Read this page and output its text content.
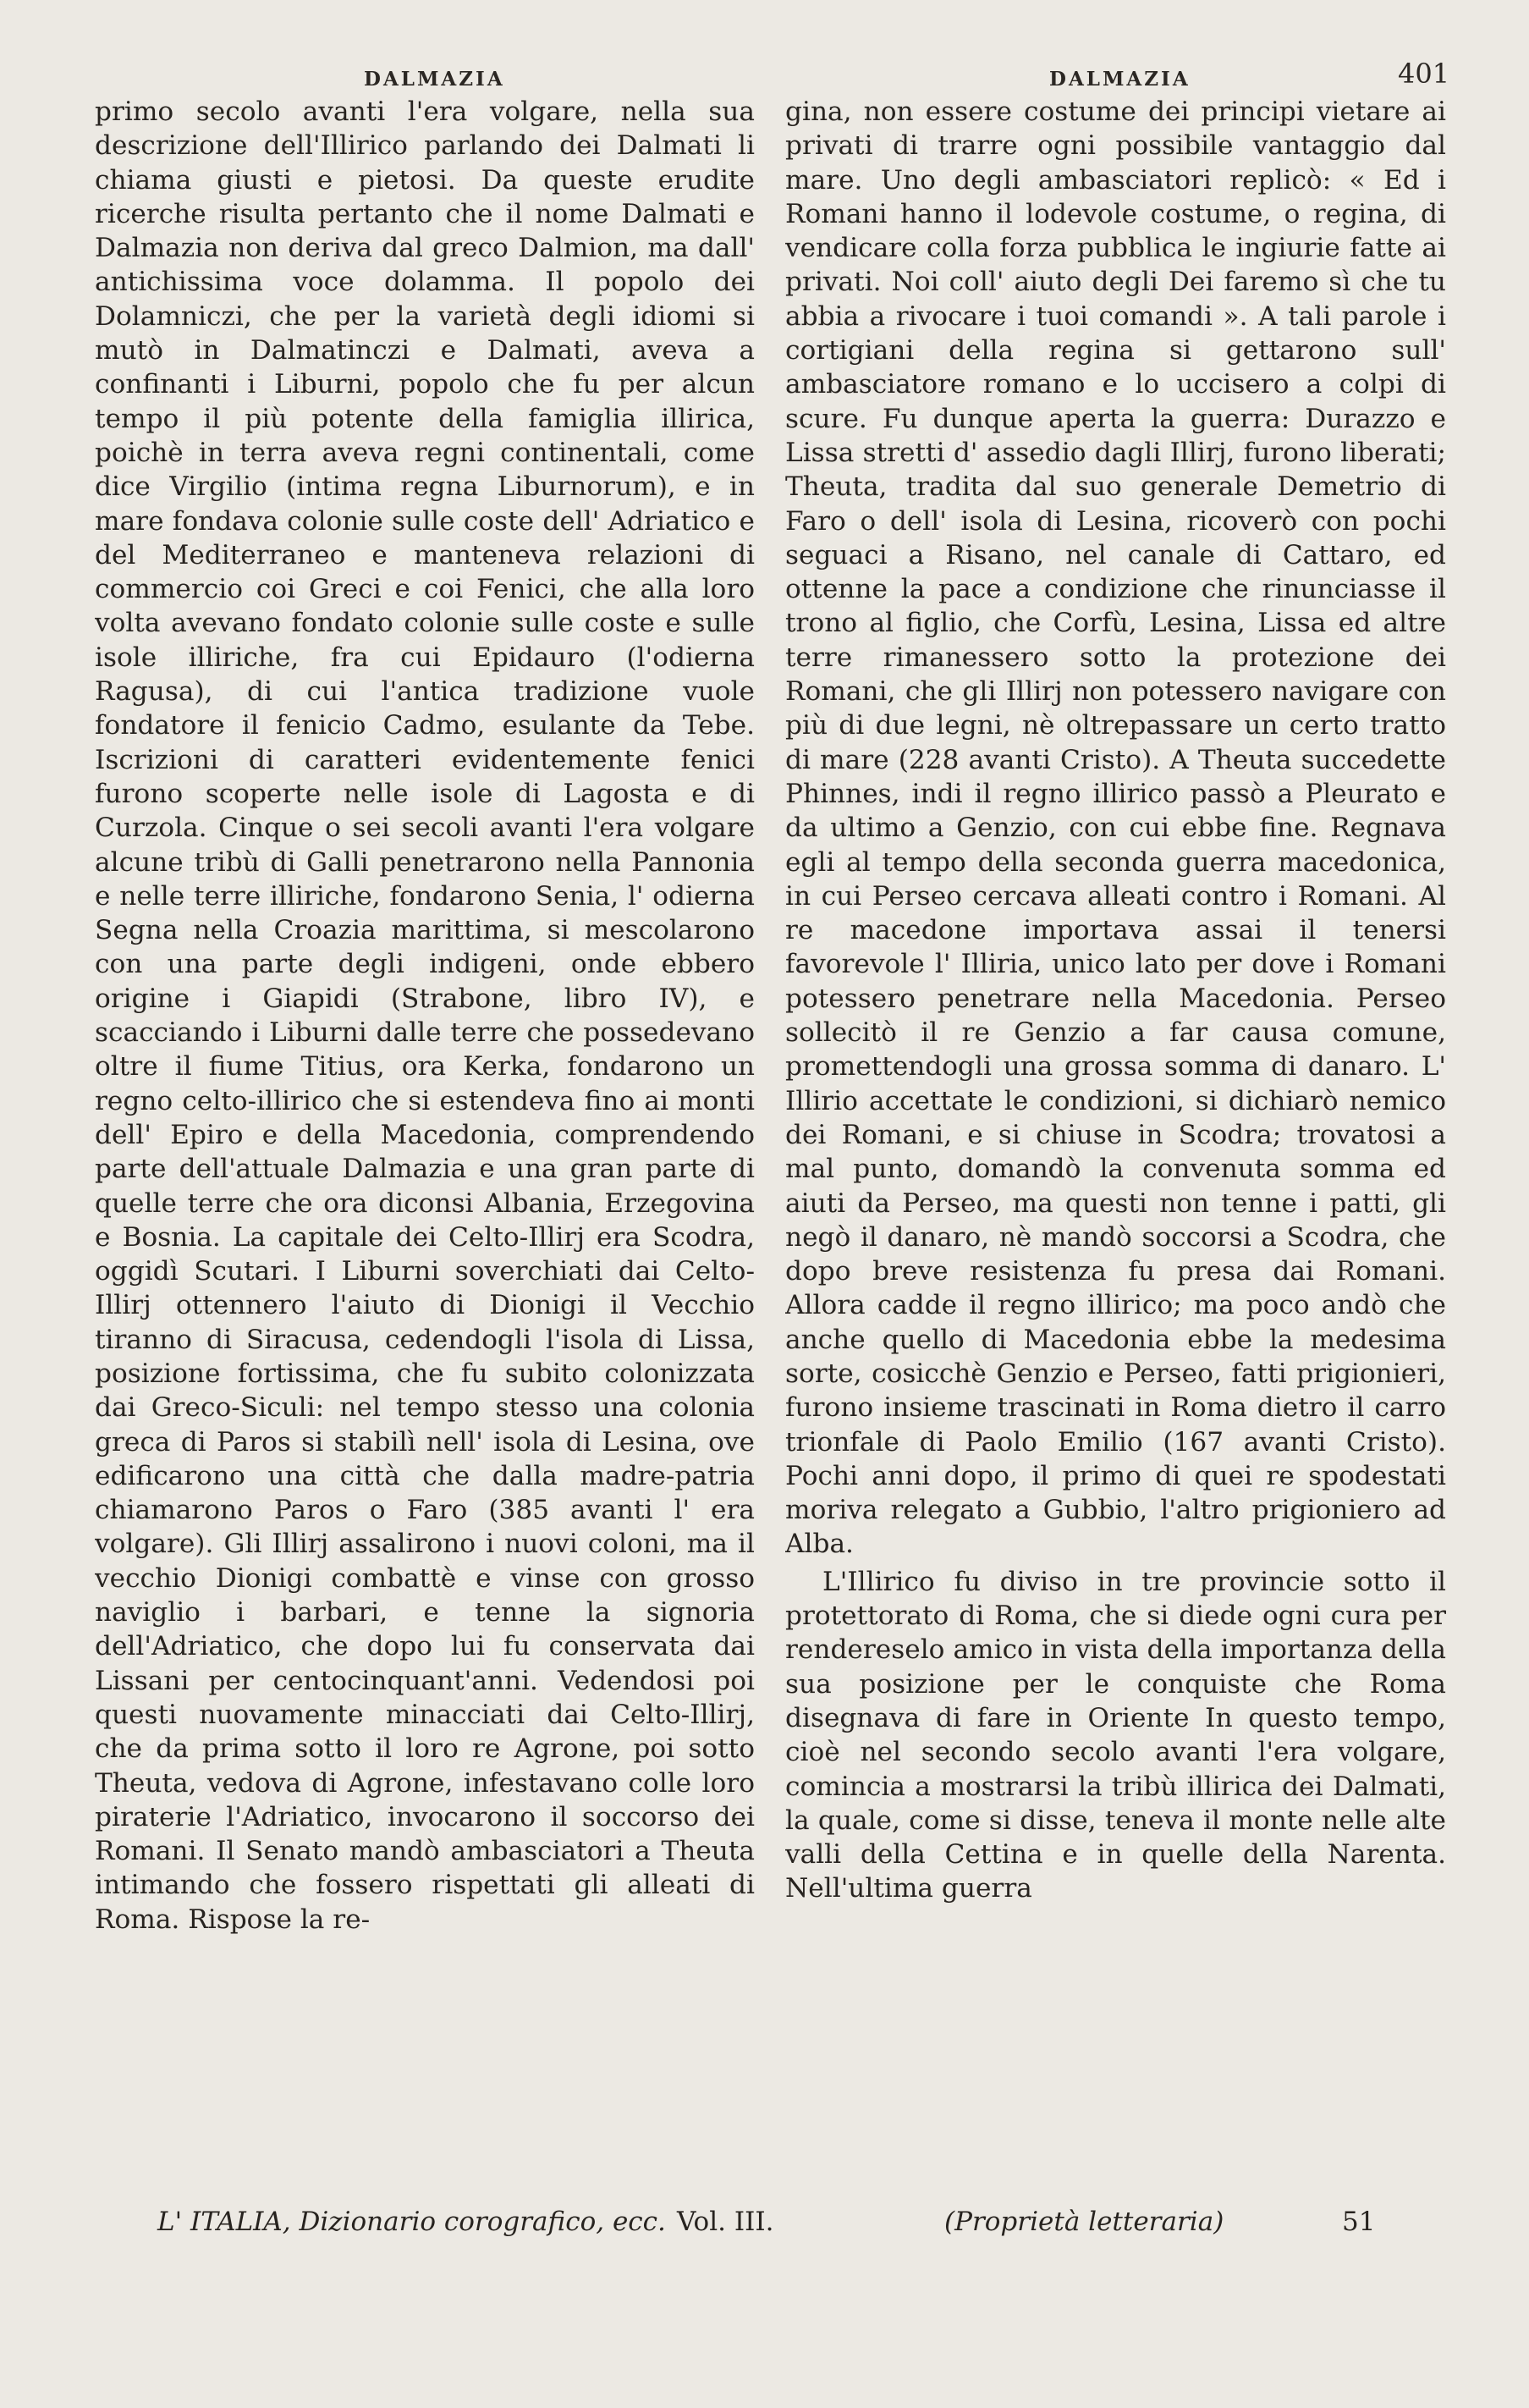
DALMAZIA	DALMAZIA	401

primo secolo avanti l'era volgare, nella sua descrizione dell'Illirico parlando dei Dalmati li chiama giusti e pietosi. Da queste erudite ricerche risulta pertanto che il nome Dalmati e Dalmazia non deriva dal greco Dalmion, ma dall' antichissima voce dolamma. Il popolo dei Dolamniczi, che per la varietà degli idiomi si mutò in Dalmatinczi e Dalmati, aveva a confinanti i Liburni, popolo che fu per alcun tempo il più potente della famiglia illirica, poichè in terra aveva regni continentali, come dice Virgilio (intima regna Liburnorum), e in mare fondava colonie sulle coste dell' Adriatico e del Mediterraneo e manteneva relazioni di commercio coi Greci e coi Fenici, che alla loro volta avevano fondato colonie sulle coste e sulle isole illiriche, fra cui Epidauro (l'odierna Ragusa), di cui l'antica tradizione vuole fondatore il fenicio Cadmo, esulante da Tebe. Iscrizioni di caratteri evidentemente fenici furono scoperte nelle isole di Lagosta e di Curzola. Cinque o sei secoli avanti l'era volgare alcune tribù di Galli penetrarono nella Pannonia e nelle terre illiriche, fondarono Senia, l' odierna Segna nella Croazia marittima, si mescolarono con una parte degli indigeni, onde ebbero origine i Giapidi (Strabone, libro IV), e scacciando i Liburni dalle terre che possedevano oltre il fiume Titius, ora Kerka, fondarono un regno celto-illirico che si estendeva fino ai monti dell' Epiro e della Macedonia, comprendendo parte dell'attuale Dalmazia e una gran parte di quelle terre che ora diconsi Albania, Erzegovina e Bosnia. La capitale dei Celto-Illirj era Scodra, oggidì Scutari. I Liburni soverchiati dai Celto-Illirj ottennero l'aiuto di Dionigi il Vecchio tiranno di Siracusa, cedendogli l'isola di Lissa, posizione fortissima, che fu subito colonizzata dai Greco-Siculi: nel tempo stesso una colonia greca di Paros si stabilì nell' isola di Lesina, ove edificarono una città che dalla madre-patria chiamarono Paros o Faro (385 avanti l' era volgare). Gli Illirj assalirono i nuovi coloni, ma il vecchio Dionigi combattè e vinse con grosso naviglio i barbari, e tenne la signoria dell'Adriatico, che dopo lui fu conservata dai Lissani per centocinquant'anni. Vedendosi poi questi nuovamente minacciati dai Celto-Illirj, che da prima sotto il loro re Agrone, poi sotto Theuta, vedova di Agrone, infestavano colle loro piraterie l'Adriatico, invocarono il soccorso dei Romani. Il Senato mandò ambasciatori a Theuta intimando che fossero rispettati gli alleati di Roma. Rispose la re-

gina, non essere costume dei principi vietare ai privati di trarre ogni possibile vantaggio dal mare. Uno degli ambasciatori replicò: « Ed i Romani hanno il lodevole costume, o regina, di vendicare colla forza pubblica le ingiurie fatte ai privati. Noi coll' aiuto degli Dei faremo sì che tu abbia a rivocare i tuoi comandi ». A tali parole i cortigiani della regina si gettarono sull' ambasciatore romano e lo uccisero a colpi di scure. Fu dunque aperta la guerra: Durazzo e Lissa stretti d' assedio dagli Illirj, furono liberati; Theuta, tradita dal suo generale Demetrio di Faro o dell' isola di Lesina, ricoverò con pochi seguaci a Risano, nel canale di Cattaro, ed ottenne la pace a condizione che rinunciasse il trono al figlio, che Corfù, Lesina, Lissa ed altre terre rimanessero sotto la protezione dei Romani, che gli Illirj non potessero navigare con più di due legni, nè oltrepassare un certo tratto di mare (228 avanti Cristo). A Theuta succedette Phinnes, indi il regno illirico passò a Pleurato e da ultimo a Genzio, con cui ebbe fine. Regnava egli al tempo della seconda guerra macedonica, in cui Perseo cercava alleati contro i Romani. Al re macedone importava assai il tenersi favorevole l' Illiria, unico lato per dove i Romani potessero penetrare nella Macedonia. Perseo sollecitò il re Genzio a far causa comune, promettendogli una grossa somma di danaro. L' Illirio accettate le condizioni, si dichiarò nemico dei Romani, e si chiuse in Scodra; trovatosi a mal punto, domandò la convenuta somma ed aiuti da Perseo, ma questi non tenne i patti, gli negò il danaro, nè mandò soccorsi a Scodra, che dopo breve resistenza fu presa dai Romani. Allora cadde il regno illirico; ma poco andò che anche quello di Macedonia ebbe la medesima sorte, cosicchè Genzio e Perseo, fatti prigionieri, furono insieme trascinati in Roma dietro il carro trionfale di Paolo Emilio (167 avanti Cristo). Pochi anni dopo, il primo di quei re spodestati moriva relegato a Gubbio, l'altro prigioniero ad Alba.

L'Illirico fu diviso in tre provincie sotto il protettorato di Roma, che si diede ogni cura per rendereselo amico in vista della importanza della sua posizione per le conquiste che Roma disegnava di fare in Oriente In questo tempo, cioè nel secondo secolo avanti l'era volgare, comincia a mostrarsi la tribù illirica dei Dalmati, la quale, come si disse, teneva il monte nelle alte valli della Cettina e in quelle della Narenta. Nell'ultima guerra

L' ITALIA, Dizionario corografico, ecc. Vol. III.	(Proprietà letteraria)	51
